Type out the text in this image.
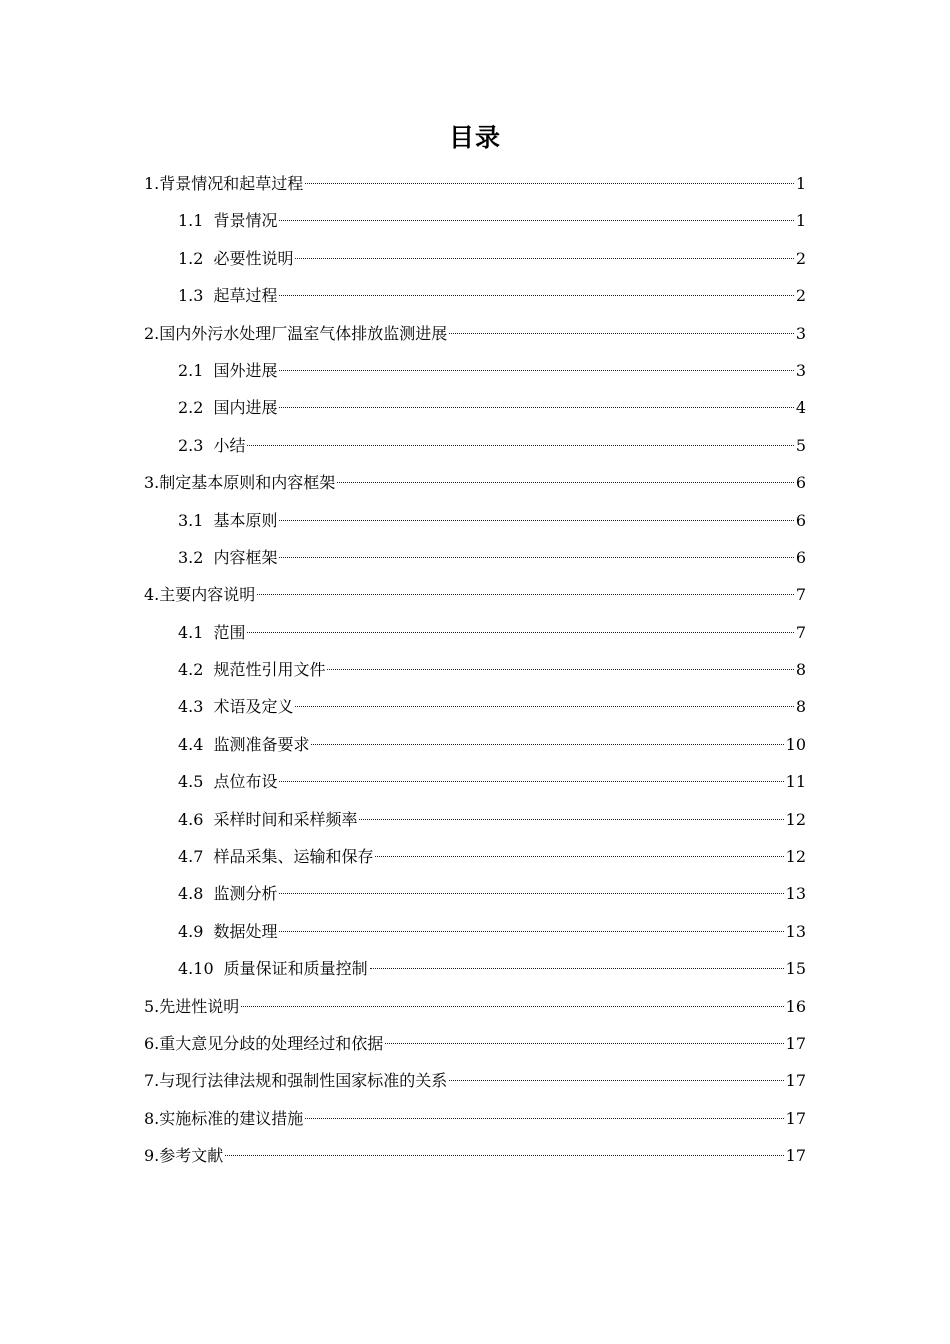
目录
1.背景情况和起草过程	1
1.1 背景情况	1
1.2 必要性说明	2
1.3 起草过程	2
2.国内外污水处理厂温室气体排放监测进展	3
2.1 国外进展	3
2.2 国内进展	4
2.3 小结	5
3.制定基本原则和内容框架	6
3.1 基本原则	6
3.2 内容框架	6
4.主要内容说明	7
4.1 范围	7
4.2 规范性引用文件	8
4.3 术语及定义	8
4.4 监测准备要求	10
4.5 点位布设	11
4.6 采样时间和采样频率	12
4.7 样品采集、运输和保存	12
4.8 监测分析	13
4.9 数据处理	13
4.10 质量保证和质量控制	15
5.先进性说明	16
6.重大意见分歧的处理经过和依据	17
7.与现行法律法规和强制性国家标准的关系	17
8.实施标准的建议措施	17
9.参考文献	17
